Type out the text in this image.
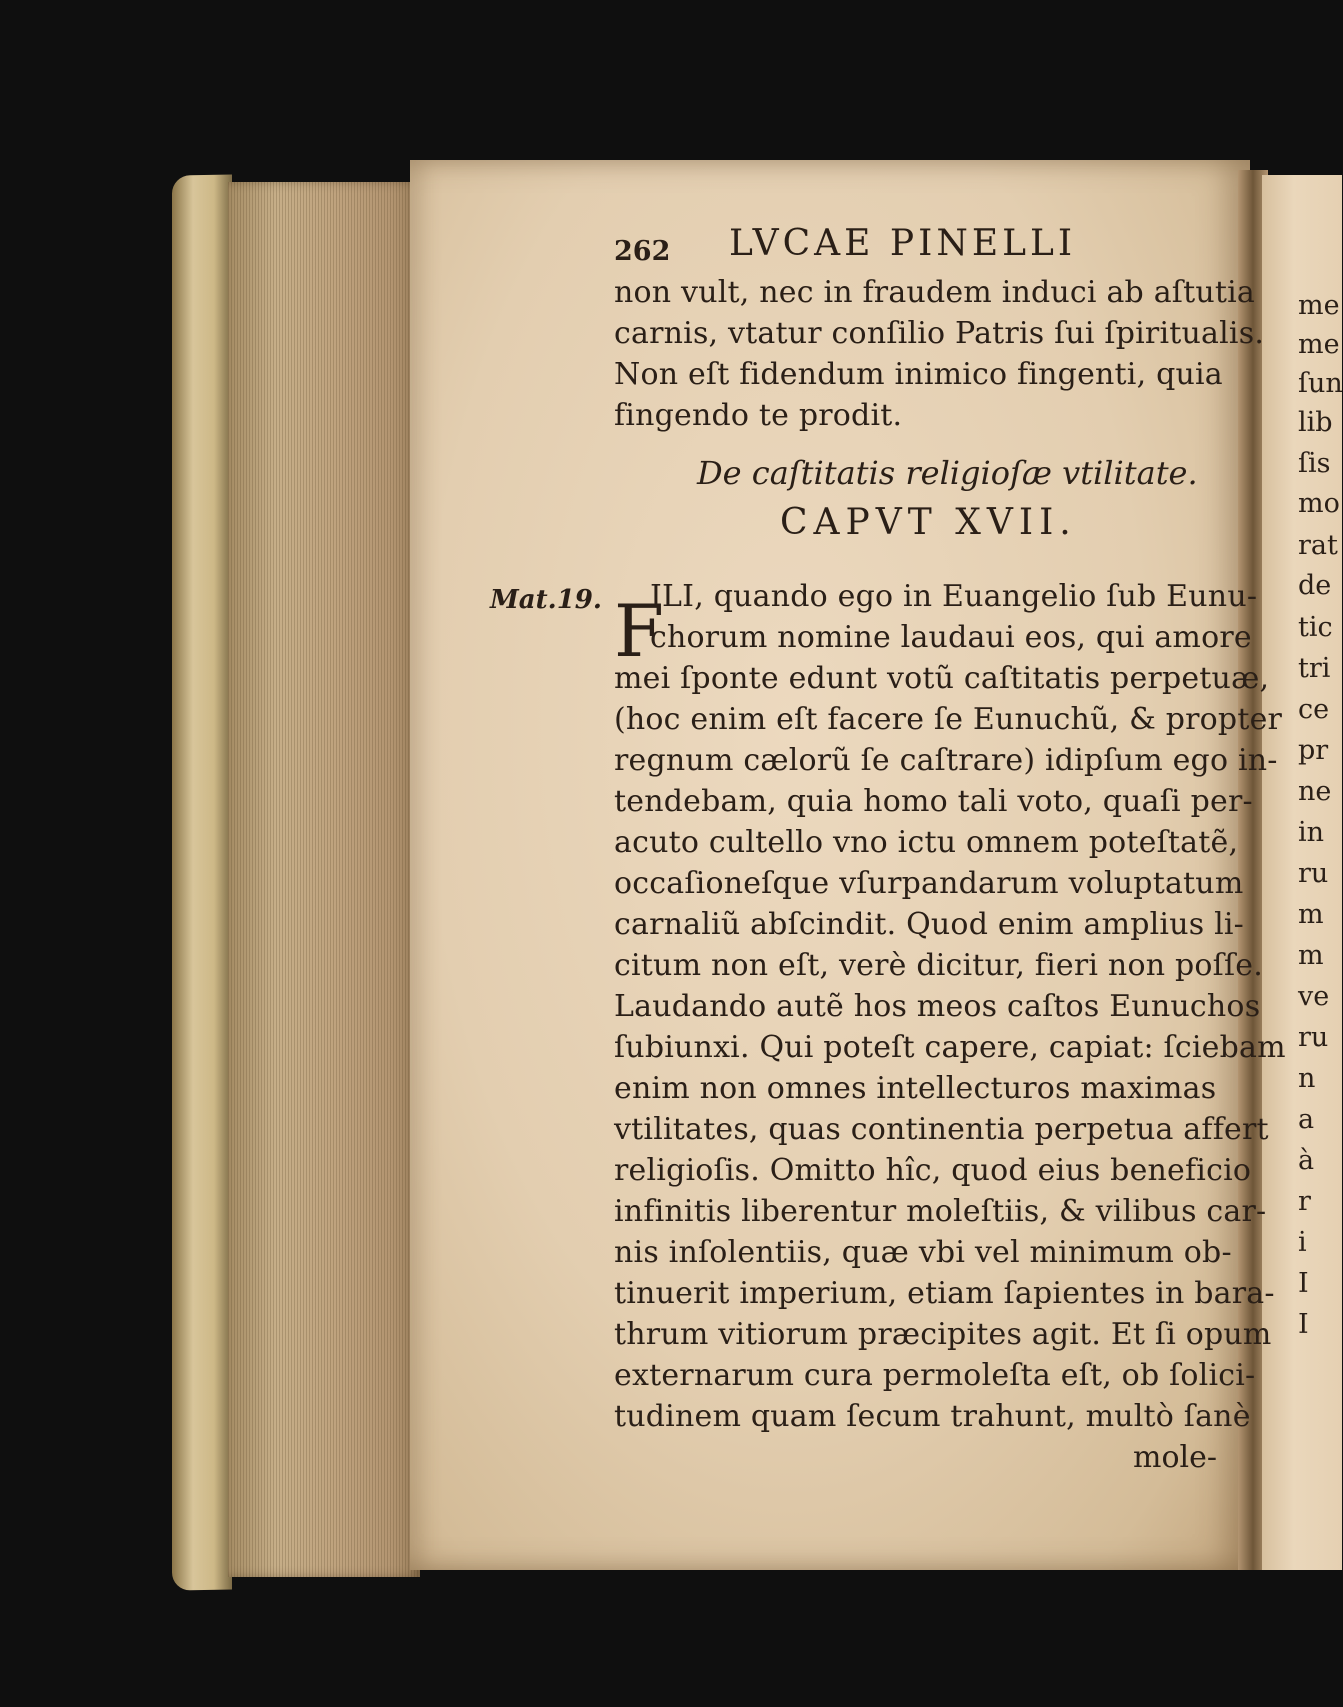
262 LVCAE PINELLI
non vult, nec in fraudem induci ab aſtutia
carnis, vtatur conſilio Patris ſui ſpiritualis.
Non eſt fidendum inimico fingenti, quia
fingendo te prodit.
De caſtitatis religioſæ vtilitate.
CAPVT XVII.
Mat.19. F
ILI, quando ego in Euangelio ſub Eunu-
chorum nomine laudaui eos, qui amore
mei ſponte edunt votũ caſtitatis perpetuæ,
(hoc enim eſt facere ſe Eunuchũ, & propter
regnum cælorũ ſe caſtrare) idipſum ego in-
tendebam, quia homo tali voto, quaſi per-
acuto cultello vno ictu omnem poteſtatẽ,
occaſioneſque vſurpandarum voluptatum
carnaliũ abſcindit. Quod enim amplius li-
citum non eſt, verè dicitur, fieri non poſſe.
Laudando autẽ hos meos caſtos Eunuchos
ſubiunxi. Qui poteſt capere, capiat: ſciebam
enim non omnes intellecturos maximas
vtilitates, quas continentia perpetua affert
religioſis. Omitto hîc, quod eius beneficio
infinitis liberentur moleſtiis, & vilibus car-
nis inſolentiis, quæ vbi vel minimum ob-
tinuerit imperium, etiam ſapientes in bara-
thrum vitiorum præcipites agit. Et ſi opum
externarum cura permoleſta eſt, ob ſolici-
tudinem quam ſecum trahunt, multò ſanè
mole-
me
me
ſun
lib
ſis
mo
rat
de
tic
tri
ce
pr
ne
in
ru
m
m
ve
ru
n
a
à
r
i
I
I
